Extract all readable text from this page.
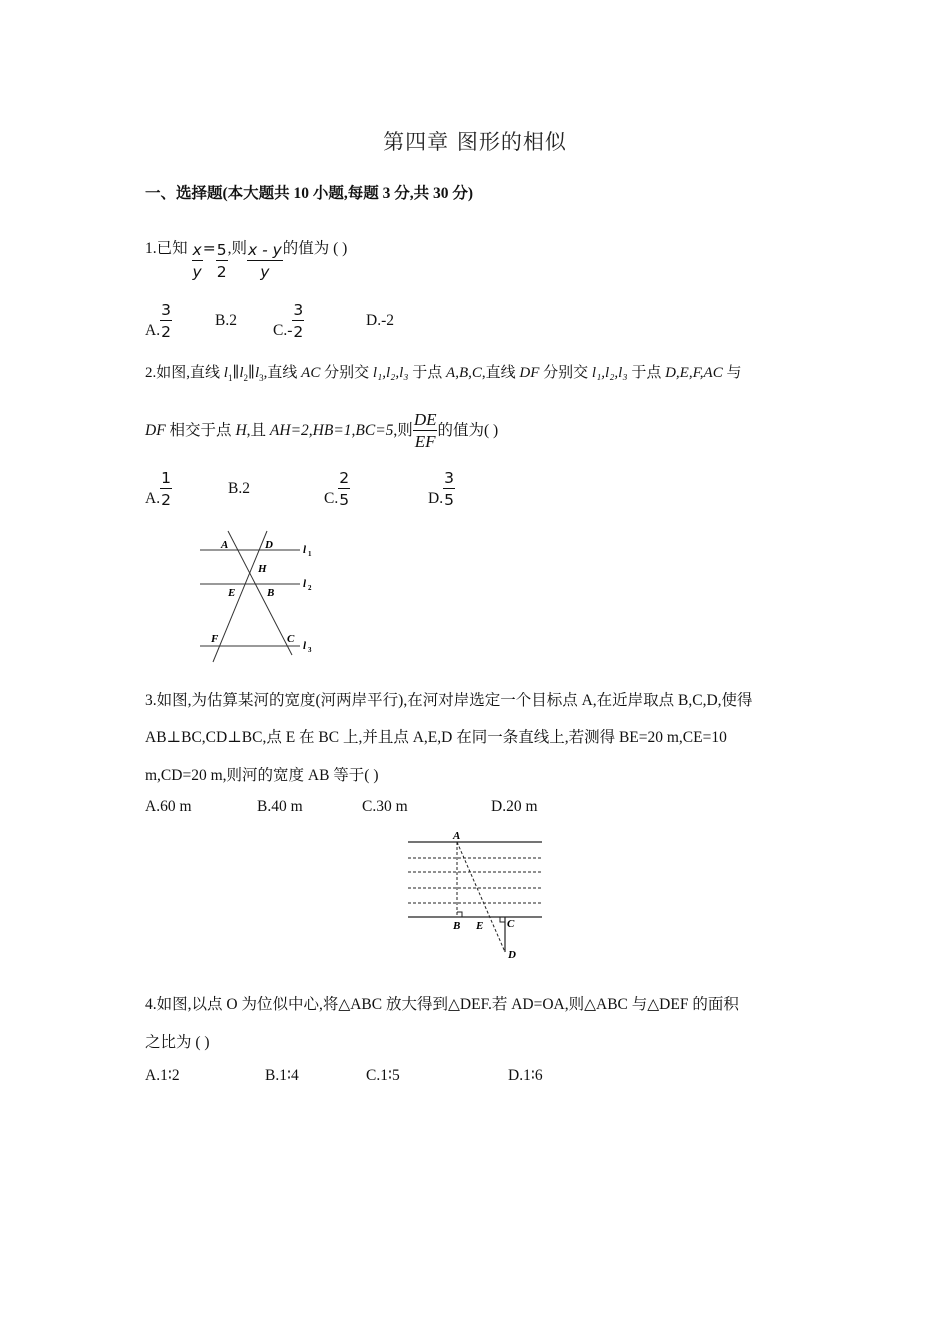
第四章 图形的相似
一、选择题(本大题共 10 小题,每题 3 分,共 30 分)
1.已知 $\frac{x}{y} = \frac{5}{2}$ ,则 $\frac{x - y}{y}$ 的值为 ( )
A. $\frac{3}{2}$	B.2
$C.- \frac{3}{2}$	D.-2
2.如图,直线 $l_1\parallel l_2\parallel l_3$,直线 AC 分别交 l₁,l₂,l₃ 于点 A,B,C,直线 DF 分别交 l₁,l₂,l₃ 于点 D,E,F,AC 与
DF 相交于点 H,且 AH=2,HB=1,BC=5,则 $\frac{DE}{EF}$ 的值为( )
A. $\frac{1}{2}$	B.2
C. $\frac{2}{5}$	D. $\frac{3}{5}$
A	D
H
E	B
F	C
l 1
l 2
l 3
3.如图,为估算某河的宽度(河两岸平行),在河对岸选定一个目标点 A,在近岸取点 B,C,D,使得
AB⊥BC,CD⊥BC,点 E 在 BC 上,并且点 A,E,D 在同一条直线上,若测得 BE=20 m,CE=10
m,CD=20 m,则河的宽度 AB 等于( )
A.60 m	B.40 m	C.30 m	D.20 m
A
B E C
D
4.如图,以点 O 为位似中心,将△ABC 放大得到△DEF.若 AD=OA,则△ABC 与△DEF 的面积
之比为 ( )
A.1∶2	B.1∶4	C.1∶5	D.1∶6
